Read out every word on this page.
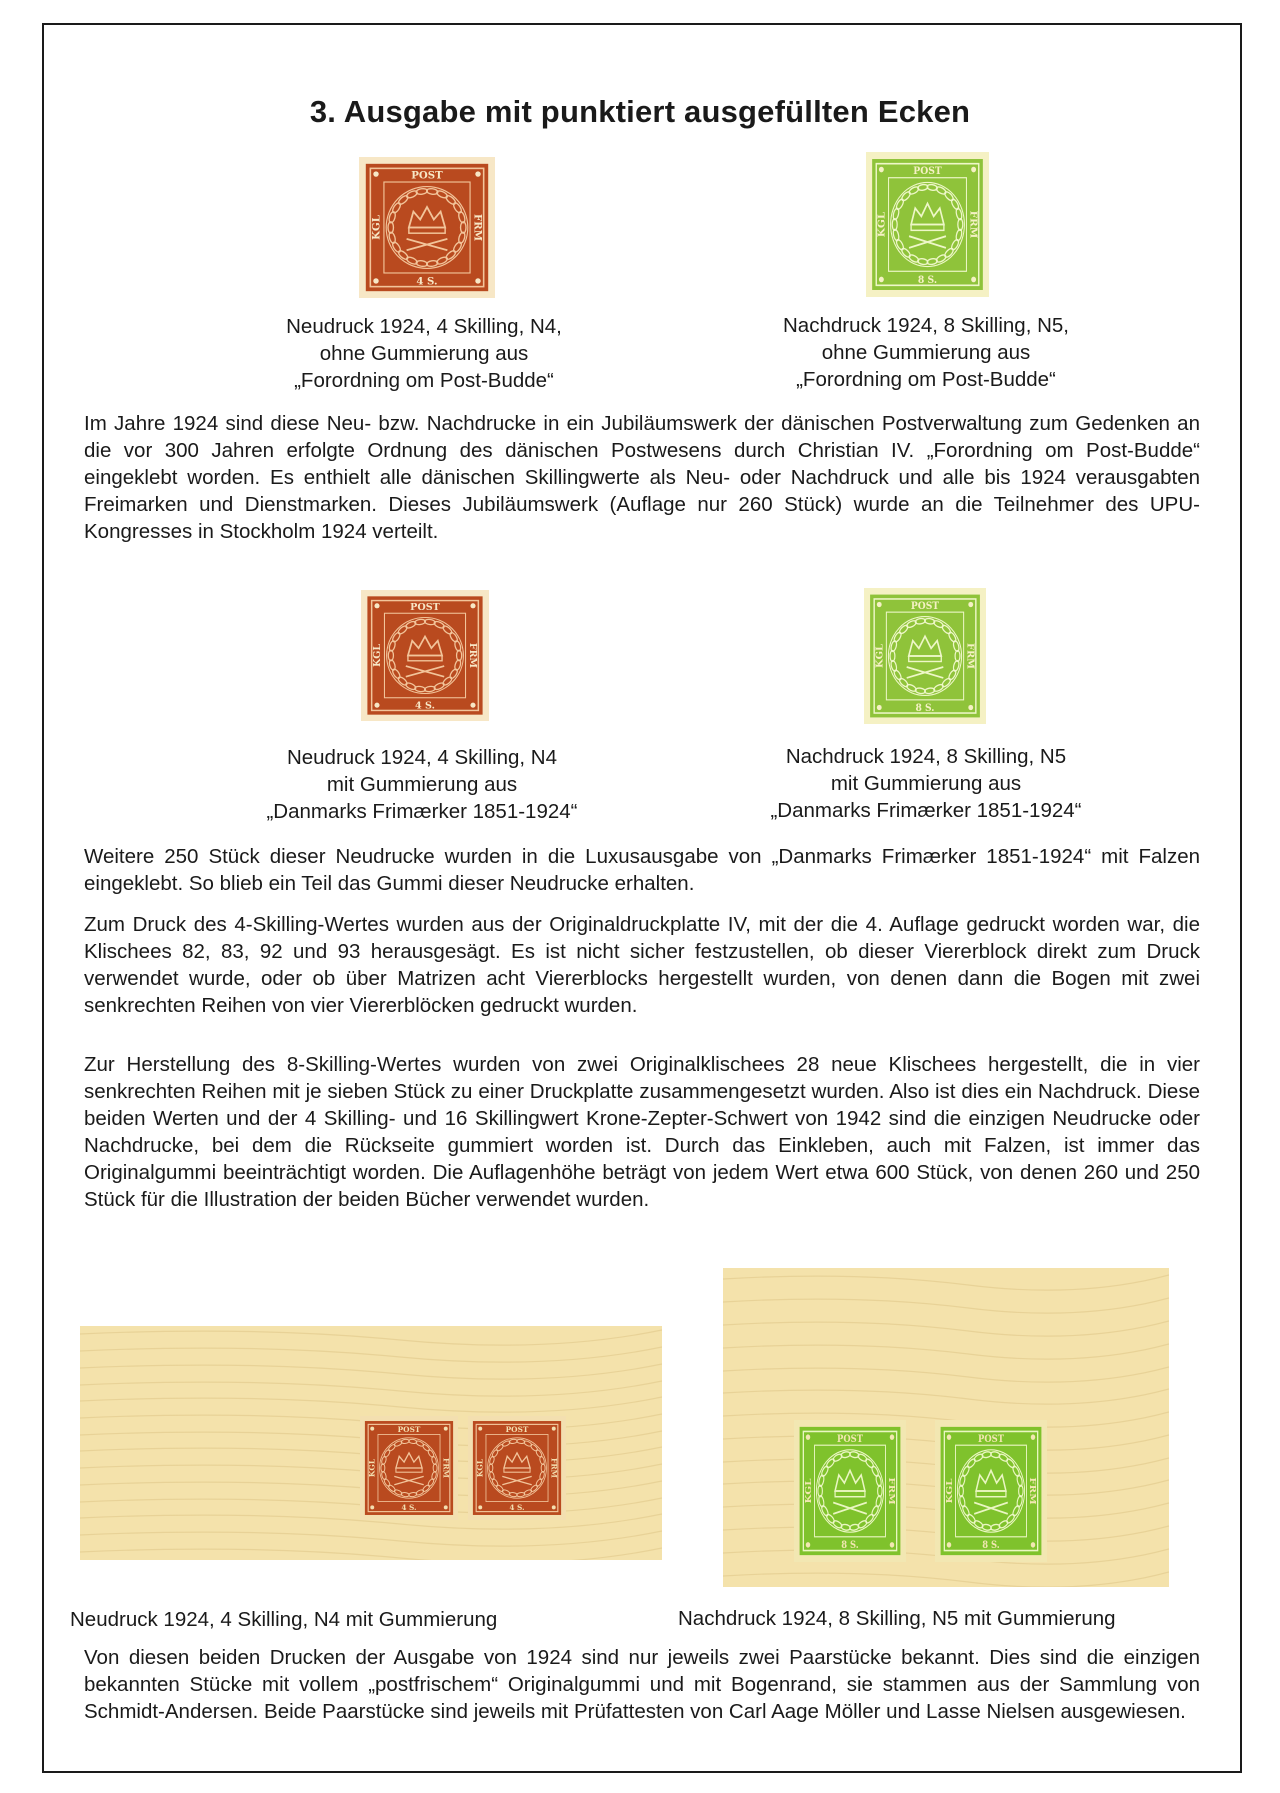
3. Ausgabe mit punktiert ausgefüllten Ecken
POST
4 S.
KGL	FRM
POST
8 S.
KGL	FRM
Neudruck 1924, 4 Skilling, N4,
ohne Gummierung aus
„Forordning om Post-Budde“
Nachdruck 1924, 8 Skilling, N5,
ohne Gummierung aus
„Forordning om Post-Budde“
Im Jahre 1924 sind diese Neu- bzw. Nachdrucke in ein Jubiläumswerk der dänischen Postverwaltung zum Gedenken an die vor 300 Jahren erfolgte Ordnung des dänischen Postwesens durch Christian IV. „Forordning om Post-Budde“ eingeklebt worden. Es enthielt alle dänischen Skillingwerte als Neu- oder Nachdruck und alle bis 1924 verausgabten Freimarken und Dienstmarken. Dieses Jubiläumswerk (Auflage nur 260 Stück) wurde an die Teilnehmer des UPU-Kongresses in Stockholm 1924 verteilt.
POST
4 S.
KGL	FRM
POST
8 S.
KGL	FRM
Neudruck 1924, 4 Skilling, N4
mit Gummierung aus
„Danmarks Frimærker 1851-1924“
Nachdruck 1924, 8 Skilling, N5
mit Gummierung aus
„Danmarks Frimærker 1851-1924“
Weitere 250 Stück dieser Neudrucke wurden in die Luxusausgabe von „Danmarks Frimærker 1851-1924“ mit Falzen eingeklebt. So blieb ein Teil das Gummi dieser Neudrucke erhalten.
Zum Druck des 4-Skilling-Wertes wurden aus der Originaldruckplatte IV, mit der die 4. Auflage gedruckt worden war, die Klischees 82, 83, 92 und 93 herausgesägt. Es ist nicht sicher festzustellen, ob dieser Viererblock direkt zum Druck verwendet wurde, oder ob über Matrizen acht Viererblocks hergestellt wurden, von denen dann die Bogen mit zwei senkrechten Reihen von vier Viererblöcken gedruckt wurden.
Zur Herstellung des 8-Skilling-Wertes wurden von zwei Originalklischees 28 neue Klischees hergestellt, die in vier senkrechten Reihen mit je sieben Stück zu einer Druckplatte zusammengesetzt wurden. Also ist dies ein Nachdruck. Diese beiden Werten und der 4 Skilling- und 16 Skillingwert Krone-Zepter-Schwert von 1942 sind die einzigen Neudrucke oder Nachdrucke, bei dem die Rückseite gummiert worden ist. Durch das Einkleben, auch mit Falzen, ist immer das Originalgummi beeinträchtigt worden. Die Auflagenhöhe beträgt von jedem Wert etwa 600 Stück, von denen 260 und 250 Stück für die Illustration der beiden Bücher verwendet wurden.
POST
4 S.
KGL	FRM
POST
4 S.
KGL	FRM
POST
8 S.
KGL	FRM
POST
8 S.
KGL	FRM
Neudruck 1924, 4 Skilling, N4 mit Gummierung	Nachdruck 1924, 8 Skilling, N5 mit Gummierung
Von diesen beiden Drucken der Ausgabe von 1924 sind nur jeweils zwei Paarstücke bekannt. Dies sind die einzigen bekannten Stücke mit vollem „postfrischem“ Originalgummi und mit Bogenrand, sie stammen aus der Sammlung von Schmidt-Andersen. Beide Paarstücke sind jeweils mit Prüfattesten von Carl Aage Möller und Lasse Nielsen ausgewiesen.
